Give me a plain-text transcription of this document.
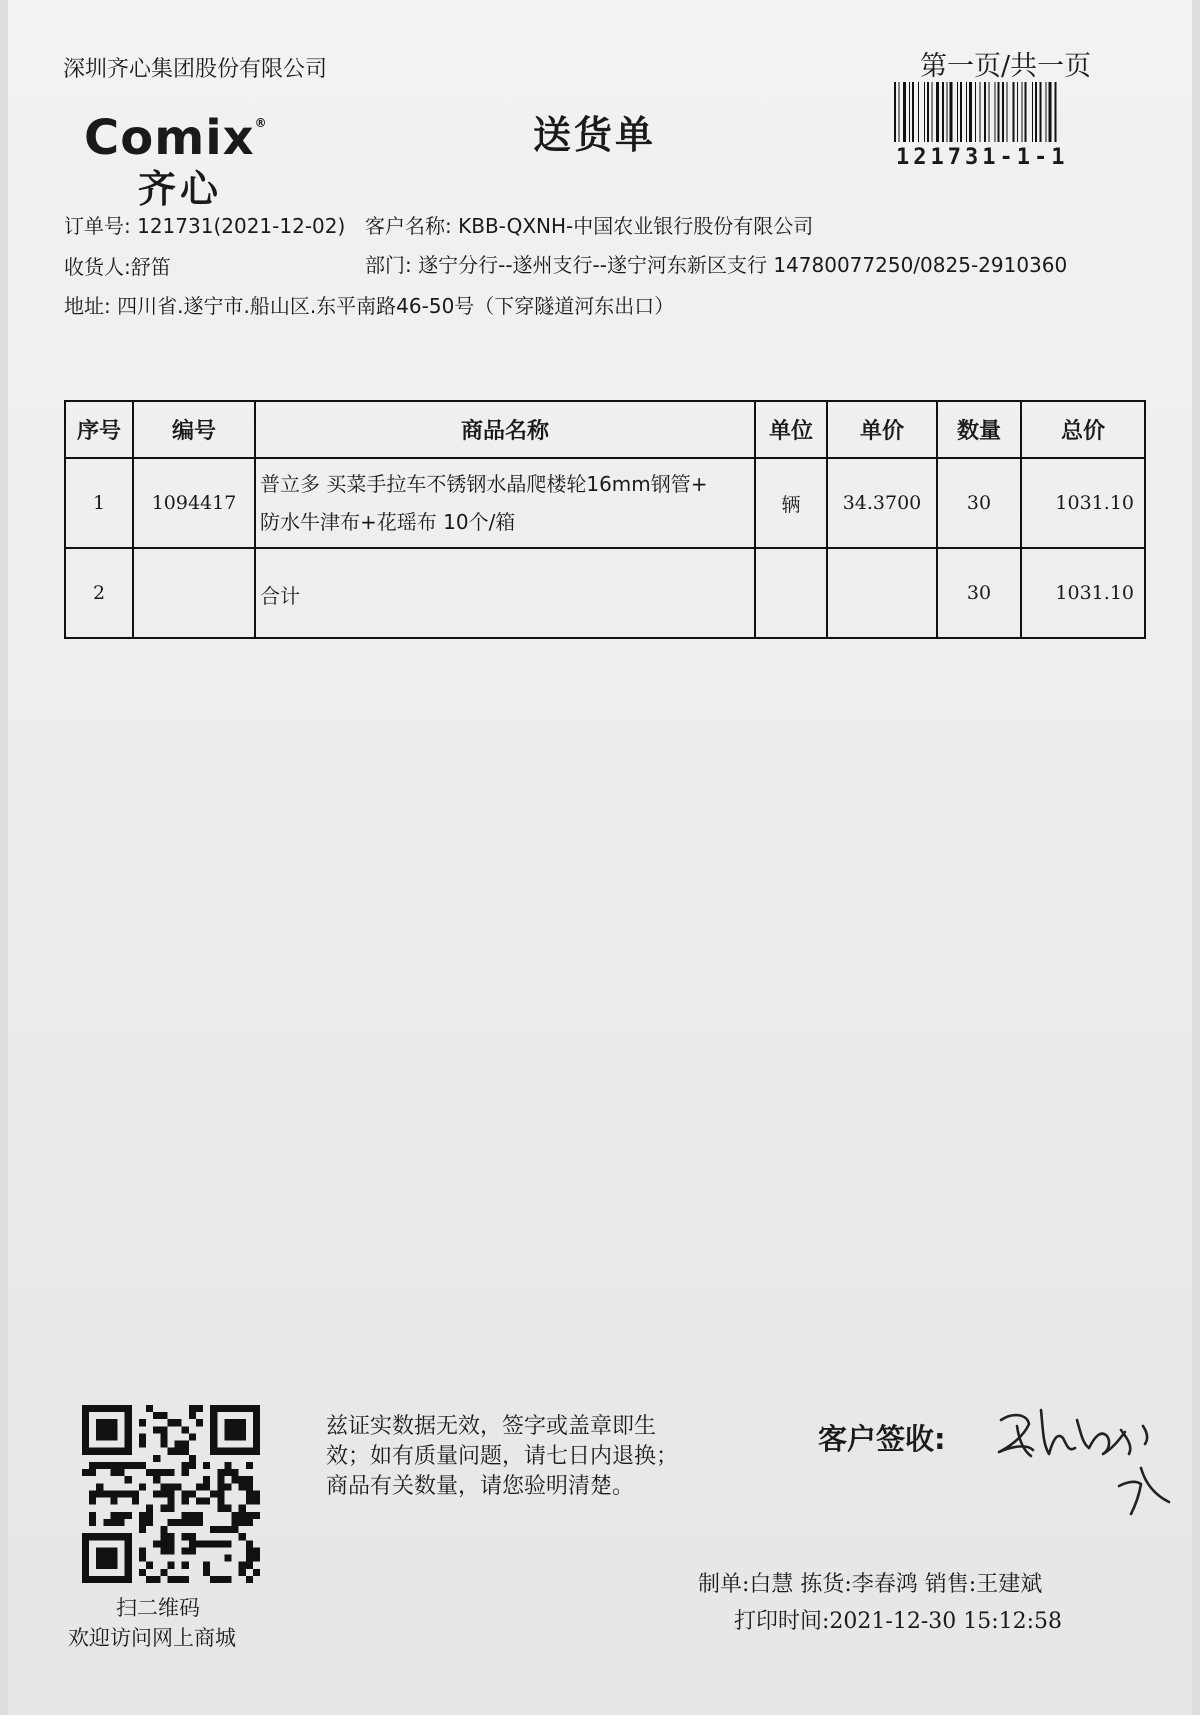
深圳齐心集团股份有限公司	第一页/共一页
Comix®
齐心
送货单
121731-1-1
订单号: 121731(2021-12-02) 客户名称: KBB-QXNH-中国农业银行股份有限公司
收货人:舒笛	部门: 遂宁分行--遂州支行--遂宁河东新区支行 14780077250/0825-2910360
地址: 四川省.遂宁市.船山区.东平南路46-50号（下穿隧道河东出口）
序号	编号	商品名称	单位	单价	数量	总价
1	1094417	普立多 买菜手拉车不锈钢水晶爬楼轮16mm钢管+
防水牛津布+花瑶布 10个/箱	辆	34.3700	30	1031.10
2		合计			30	1031.10
扫二维码
欢迎访问网上商城
兹证实数据无效，签字或盖章即生
效；如有质量问题，请七日内退换；
商品有关数量，请您验明清楚。
客户签收:
制单:白慧 拣货:李春鸿 销售:王建斌
打印时间:2021-12-30 15:12:58
